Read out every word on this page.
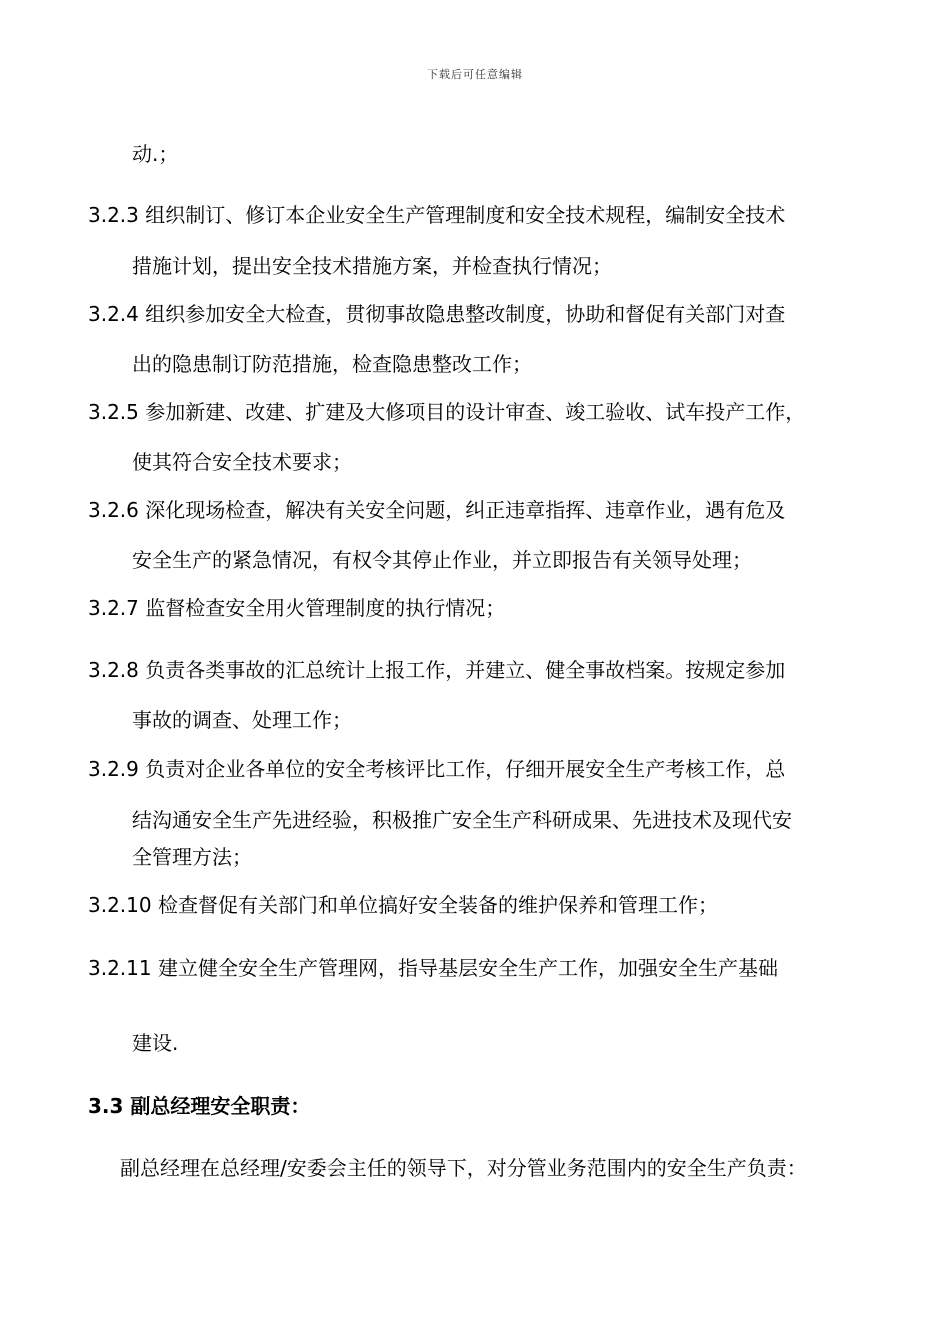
下载后可任意编辑
动.；
3.2.3 组织制订、修订本企业安全生产管理制度和安全技术规程，编制安全技术
措施计划，提出安全技术措施方案，并检查执行情况；
3.2.4 组织参加安全大检查，贯彻事故隐患整改制度，协助和督促有关部门对查
出的隐患制订防范措施，检查隐患整改工作；
3.2.5 参加新建、改建、扩建及大修项目的设计审查、竣工验收、试车投产工作，
使其符合安全技术要求；
3.2.6 深化现场检查，解决有关安全问题，纠正违章指挥、违章作业，遇有危及
安全生产的紧急情况，有权令其停止作业，并立即报告有关领导处理；
3.2.7 监督检查安全用火管理制度的执行情况；
3.2.8 负责各类事故的汇总统计上报工作，并建立、健全事故档案。按规定参加
事故的调查、处理工作；
3.2.9 负责对企业各单位的安全考核评比工作，仔细开展安全生产考核工作，总
结沟通安全生产先进经验，积极推广安全生产科研成果、先进技术及现代安
全管理方法；
3.2.10 检查督促有关部门和单位搞好安全装备的维护保养和管理工作；
3.2.11 建立健全安全生产管理网，指导基层安全生产工作，加强安全生产基础
建设.
3.3 副总经理安全职责：
副总经理在总经理/安委会主任的领导下，对分管业务范围内的安全生产负责：
